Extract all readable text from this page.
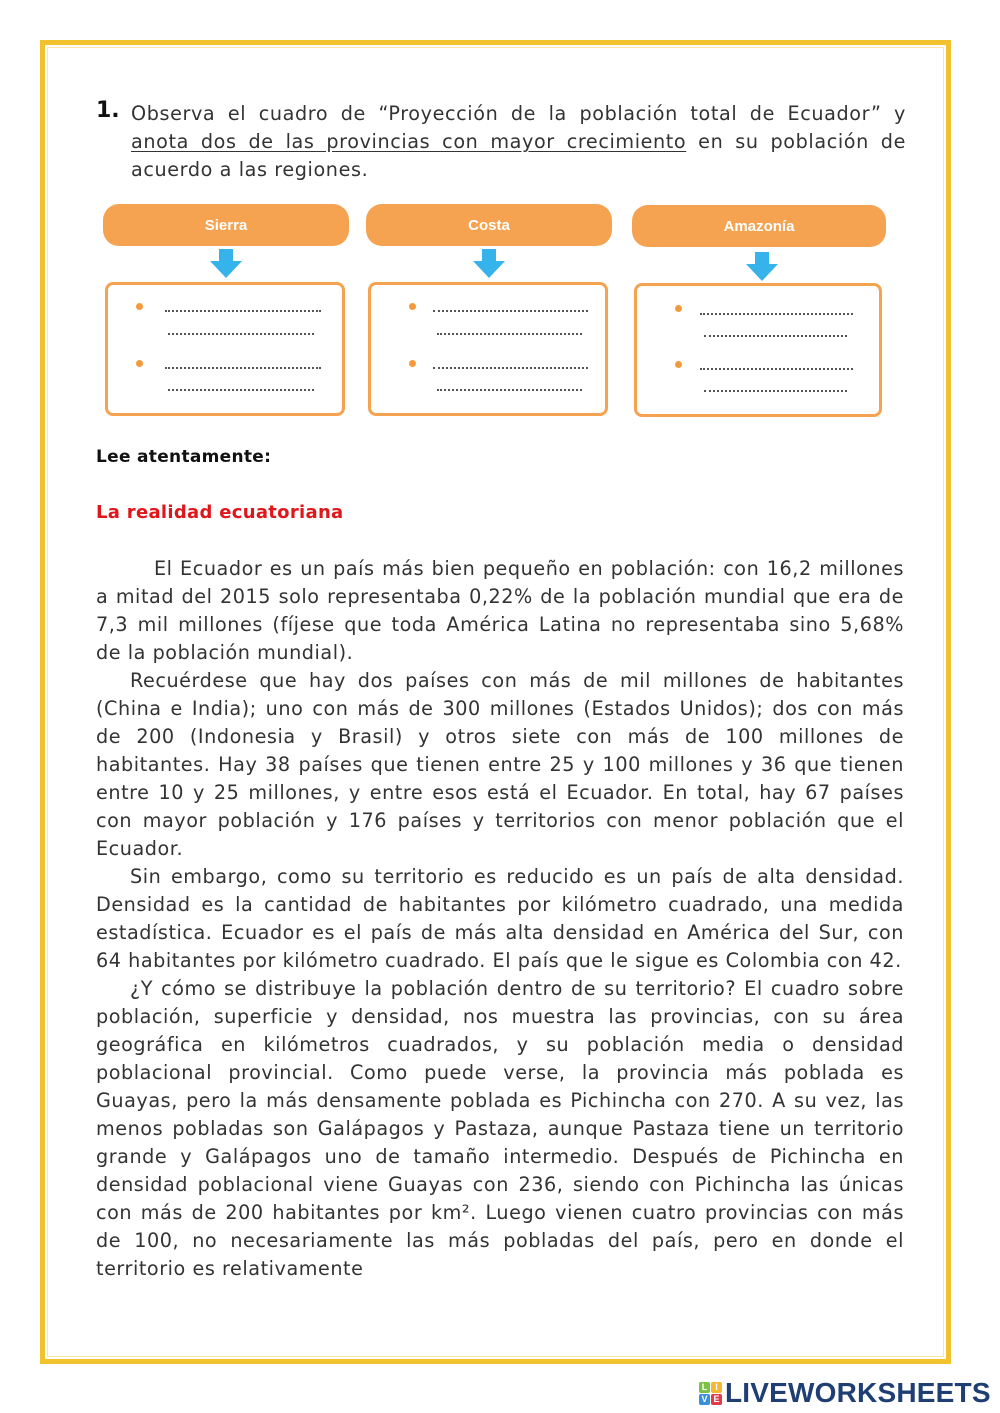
1. Observa el cuadro de “Proyección de la población total de Ecuador” y anota dos de las provincias con mayor crecimiento en su población de acuerdo a las regiones.
Sierra	Costa	Amazonía
Lee atentamente:
La realidad ecuatoriana

El Ecuador es un país más bien pequeño en población: con 16,2 millones a mitad del 2015 solo representaba 0,22% de la población mundial que era de 7,3 mil millones (fíjese que toda América Latina no representaba sino 5,68% de la población mundial).

Recuérdese que hay dos países con más de mil millones de habitantes (China e India); uno con más de 300 millones (Estados Unidos); dos con más de 200 (Indonesia y Brasil) y otros siete con más de 100 millones de habitantes. Hay 38 países que tienen entre 25 y 100 millones y 36 que tienen entre 10 y 25 millones, y entre esos está el Ecuador. En total, hay 67 países con mayor población y 176 países y territorios con menor población que el Ecuador.

Sin embargo, como su territorio es reducido es un país de alta densidad. Densidad es la cantidad de habitantes por kilómetro cuadrado, una medida estadística. Ecuador es el país de más alta densidad en América del Sur, con 64 habitantes por kilómetro cuadrado. El país que le sigue es Colombia con 42.

¿Y cómo se distribuye la población dentro de su territorio? El cuadro sobre población, superficie y densidad, nos muestra las provincias, con su área geográfica en kilómetros cuadrados, y su población media o densidad poblacional provincial. Como puede verse, la provincia más poblada es Guayas, pero la más densamente poblada es Pichincha con 270. A su vez, las menos pobladas son Galápagos y Pastaza, aunque Pastaza tiene un territorio grande y Galápagos uno de tamaño intermedio. Después de Pichincha en densidad poblacional viene Guayas con 236, siendo con Pichincha las únicas con más de 200 habitantes por km². Luego vienen cuatro provincias con más de 100, no necesariamente las más pobladas del país, pero en donde el territorio es relativamente

L I
V E LIVEWORKSHEETS
